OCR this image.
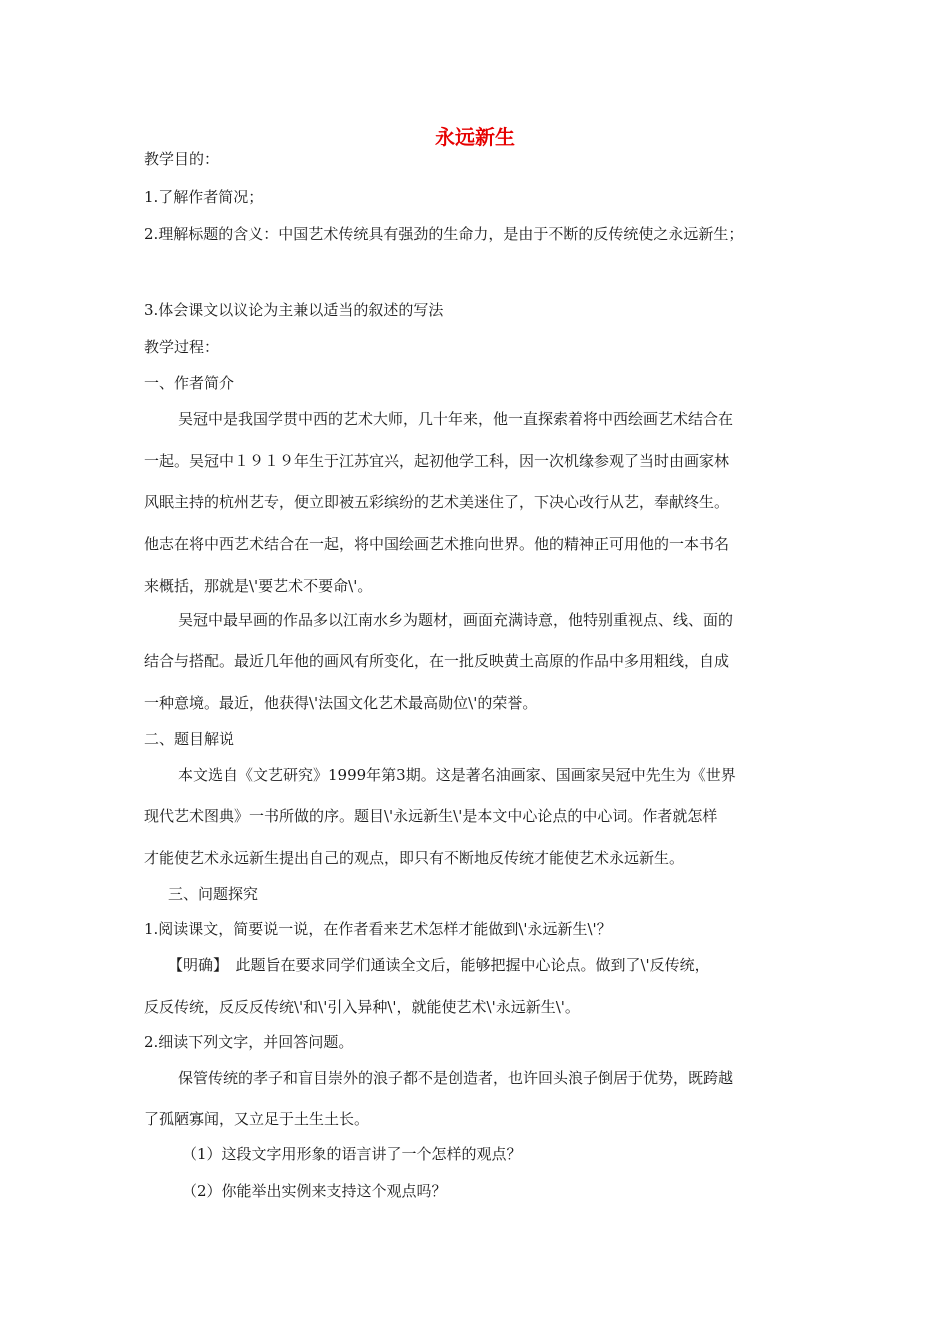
永远新生

教学目的：

1.了解作者简况；

2.理解标题的含义：中国艺术传统具有强劲的生命力，是由于不断的反传统使之永远新生；

3.体会课文以议论为主兼以适当的叙述的写法

教学过程：

一、作者简介

吴冠中是我国学贯中西的艺术大师，几十年来，他一直探索着将中西绘画艺术结合在

一起。吴冠中１９１９年生于江苏宜兴，起初他学工科，因一次机缘参观了当时由画家林

风眠主持的杭州艺专，便立即被五彩缤纷的艺术美迷住了，下决心改行从艺，奉献终生。

他志在将中西艺术结合在一起，将中国绘画艺术推向世界。他的精神正可用他的一本书名

来概括，那就是\'要艺术不要命\'。

吴冠中最早画的作品多以江南水乡为题材，画面充满诗意，他特别重视点、线、面的

结合与搭配。最近几年他的画风有所变化，在一批反映黄土高原的作品中多用粗线，自成

一种意境。最近，他获得\'法国文化艺术最高勋位\'的荣誉。

二、题目解说

本文选自《文艺研究》1999年第3期。这是著名油画家、国画家吴冠中先生为《世界

现代艺术图典》一书所做的序。题目\'永远新生\'是本文中心论点的中心词。作者就怎样

才能使艺术永远新生提出自己的观点，即只有不断地反传统才能使艺术永远新生。

三、问题探究

1.阅读课文，简要说一说，在作者看来艺术怎样才能做到\'永远新生\'？

【明确】　此题旨在要求同学们通读全文后，能够把握中心论点。做到了\'反传统，

反反传统，反反反传统\'和\'引入异种\'，就能使艺术\'永远新生\'。

2.细读下列文字，并回答问题。

保管传统的孝子和盲目崇外的浪子都不是创造者，也许回头浪子倒居于优势，既跨越

了孤陋寡闻，又立足于土生土长。

（1）这段文字用形象的语言讲了一个怎样的观点？

（2）你能举出实例来支持这个观点吗？
